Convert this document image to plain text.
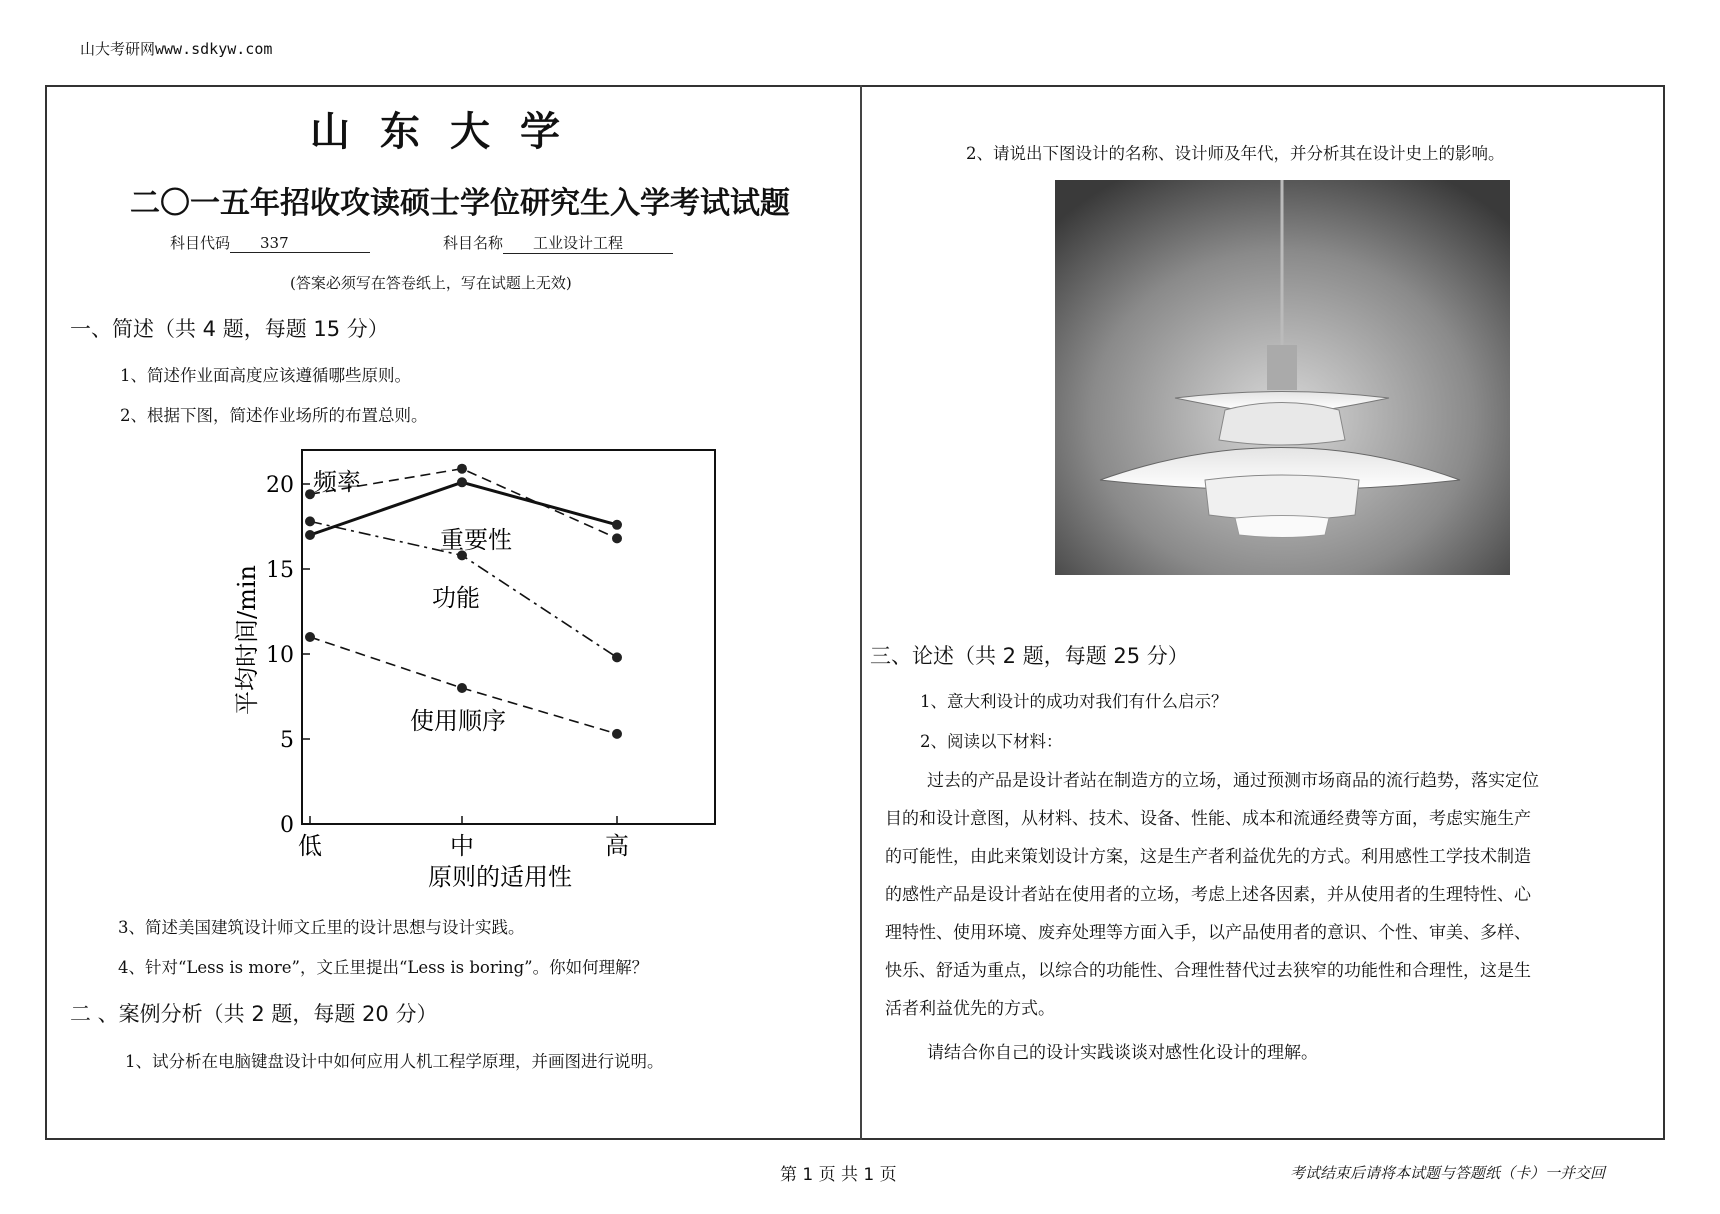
山大考研网www.sdkyw.com
山东大学
二〇一五年招收攻读硕士学位研究生入学考试试题
科目代码 337	科目名称 工业设计工程
(答案必须写在答卷纸上，写在试题上无效)
一、简述（共 4 题，每题 15 分）
1、简述作业面高度应该遵循哪些原则。
2、根据下图，简述作业场所的布置总则。
0
5
10
15
20
低	中	高
平均时间/min
原则的适用性
频率
重要性
功能
使用顺序
3、简述美国建筑设计师文丘里的设计思想与设计实践。
4、针对“Less is more”，文丘里提出“Less is boring”。你如何理解？
二 、案例分析（共 2 题，每题 20 分）
1、试分析在电脑键盘设计中如何应用人机工程学原理，并画图进行说明。
2、请说出下图设计的名称、设计师及年代，并分析其在设计史上的影响。
三、论述（共 2 题，每题 25 分）
1、意大利设计的成功对我们有什么启示？
2、阅读以下材料：
过去的产品是设计者站在制造方的立场，通过预测市场商品的流行趋势，落实定位
目的和设计意图，从材料、技术、设备、性能、成本和流通经费等方面，考虑实施生产
的可能性，由此来策划设计方案，这是生产者利益优先的方式。利用感性工学技术制造
的感性产品是设计者站在使用者的立场，考虑上述各因素，并从使用者的生理特性、心
理特性、使用环境、废弃处理等方面入手，以产品使用者的意识、个性、审美、多样、
快乐、舒适为重点，以综合的功能性、合理性替代过去狭窄的功能性和合理性，这是生
活者利益优先的方式。
请结合你自己的设计实践谈谈对感性化设计的理解。
第 1 页 共 1 页	考试结束后请将本试题与答题纸（卡）一并交回
